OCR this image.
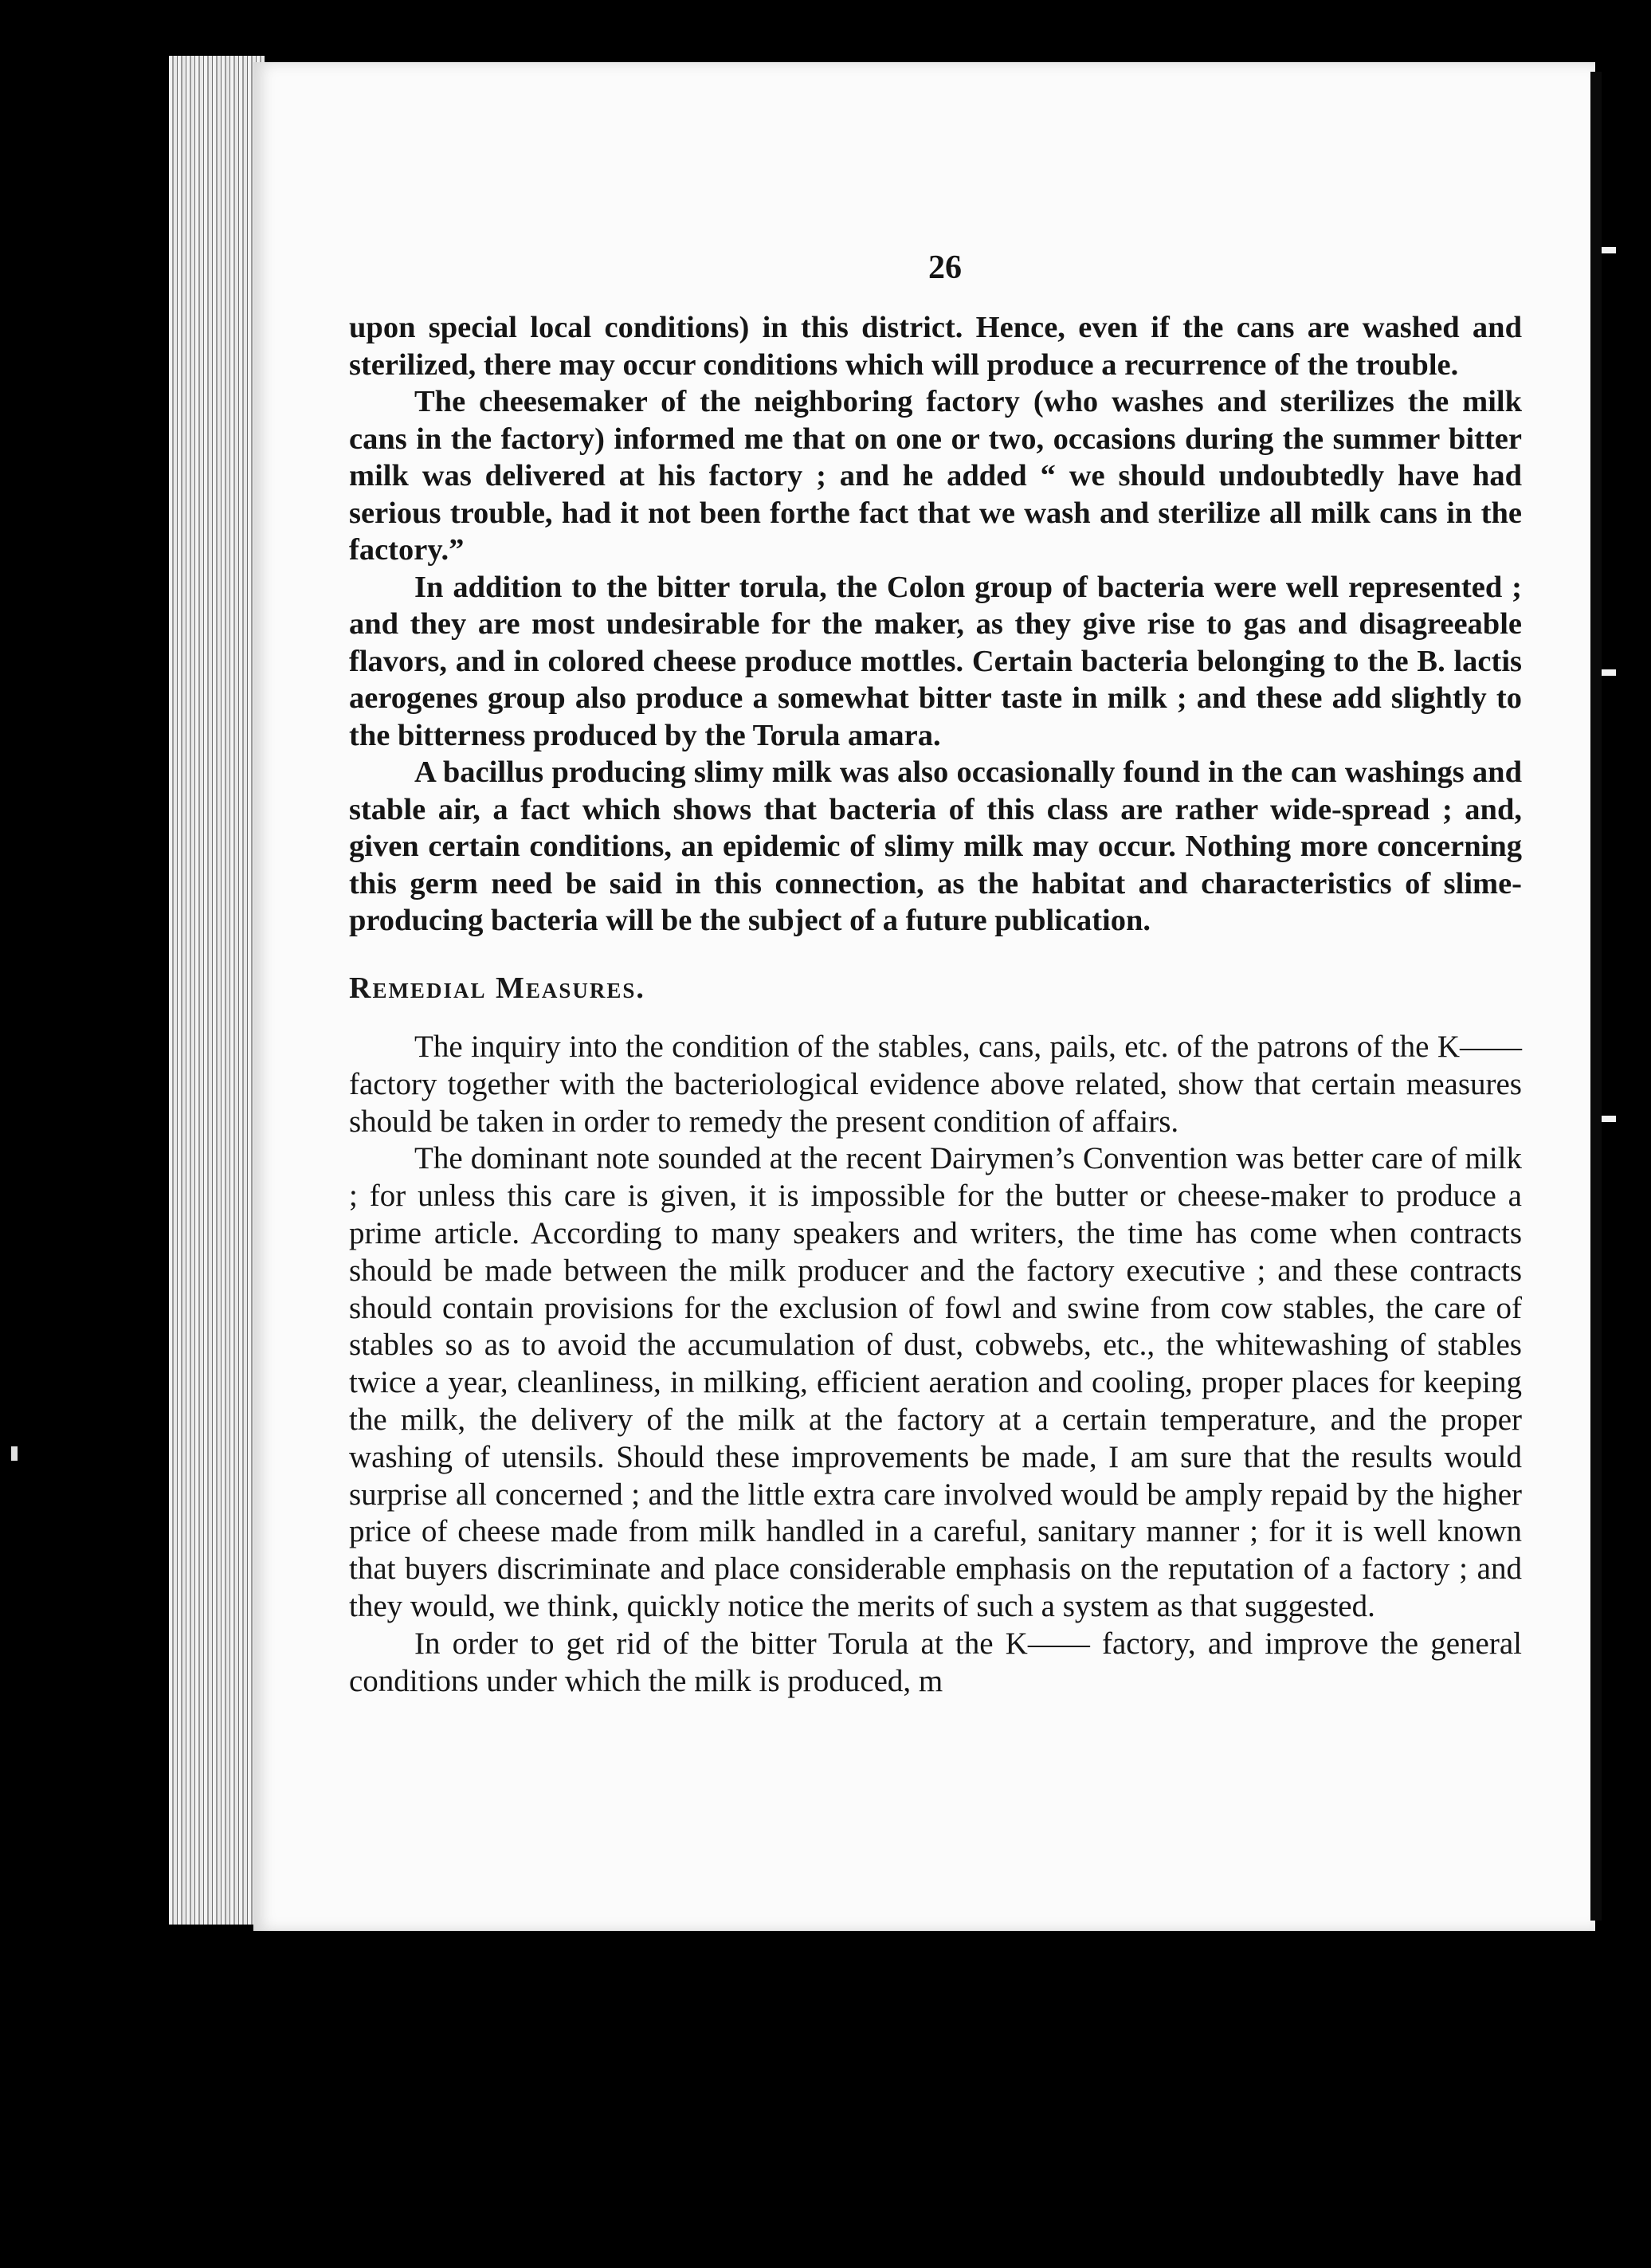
26

upon special local conditions) in this district. Hence, even if the cans are washed and sterilized, there may occur conditions which will produce a recurrence of the trouble.

The cheesemaker of the neighboring factory (who washes and sterilizes the milk cans in the factory) informed me that on one or two, occasions during the summer bitter milk was delivered at his factory ; and he added “ we should undoubtedly have had serious trouble, had it not been forthe fact that we wash and sterilize all milk cans in the factory.”

In addition to the bitter torula, the Colon group of bacteria were well represented ; and they are most undesirable for the maker, as they give rise to gas and disagreeable flavors, and in colored cheese produce mottles. Certain bacteria belonging to the B. lactis aerogenes group also produce a somewhat bitter taste in milk ; and these add slightly to the bitterness produced by the Torula amara.

A bacillus producing slimy milk was also occasionally found in the can washings and stable air, a fact which shows that bacteria of this class are rather wide-spread ; and, given certain conditions, an epidemic of slimy milk may occur. Nothing more concerning this germ need be said in this connection, as the habitat and characteristics of slime-producing bacteria will be the subject of a future publication.

Remedial Measures.

The inquiry into the condition of the stables, cans, pails, etc. of the patrons of the K—— factory together with the bacteriological evidence above related, show that certain measures should be taken in order to remedy the present condition of affairs.

The dominant note sounded at the recent Dairymen’s Convention was better care of milk ; for unless this care is given, it is impossible for the butter or cheese-maker to produce a prime article. According to many speakers and writers, the time has come when contracts should be made between the milk producer and the factory executive ; and these contracts should contain provisions for the exclusion of fowl and swine from cow stables, the care of stables so as to avoid the accumulation of dust, cobwebs, etc., the whitewashing of stables twice a year, cleanliness, in milking, efficient aeration and cooling, proper places for keeping the milk, the delivery of the milk at the factory at a certain temperature, and the proper washing of utensils. Should these improvements be made, I am sure that the results would surprise all concerned ; and the little extra care involved would be amply repaid by the higher price of cheese made from milk handled in a careful, sanitary manner ; for it is well known that buyers discriminate and place considerable emphasis on the reputation of a factory ; and they would, we think, quickly notice the merits of such a system as that suggested.

In order to get rid of the bitter Torula at the K—— factory, and improve the general conditions under which the milk is produced, m
